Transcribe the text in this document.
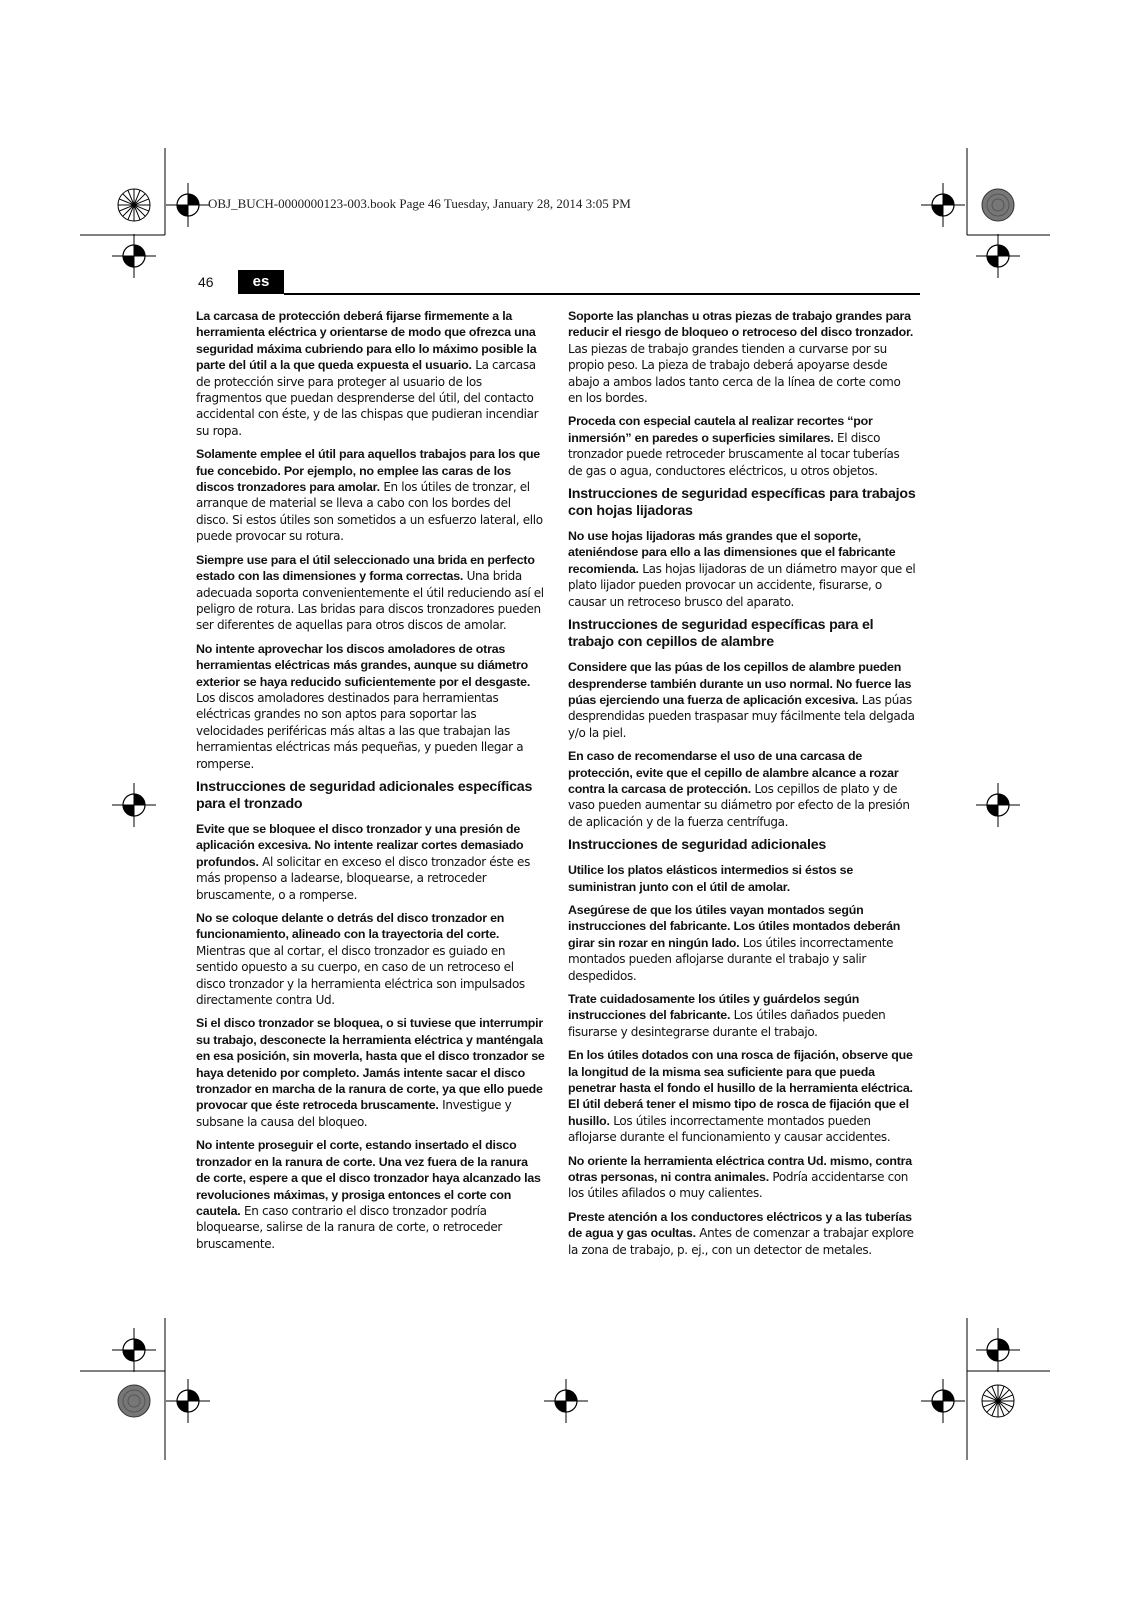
OBJ_BUCH-0000000123-003.book Page 46 Tuesday, January 28, 2014 3:05 PM
46	es

La carcasa de protección deberá fijarse firmemente a la herramienta eléctrica y orientarse de modo que ofrezca una seguridad máxima cubriendo para ello lo máximo posible la parte del útil a la que queda expuesta el usuario. La carcasa de protección sirve para proteger al usuario de los fragmentos que puedan desprenderse del útil, del contacto accidental con éste, y de las chispas que pudieran incendiar su ropa.

Solamente emplee el útil para aquellos trabajos para los que fue concebido. Por ejemplo, no emplee las caras de los discos tronzadores para amolar. En los útiles de tronzar, el arranque de material se lleva a cabo con los bordes del disco. Si estos útiles son sometidos a un esfuerzo lateral, ello puede provocar su rotura.

Siempre use para el útil seleccionado una brida en perfecto estado con las dimensiones y forma correctas. Una brida adecuada soporta convenientemente el útil reduciendo así el peligro de rotura. Las bridas para discos tronzadores pueden ser diferentes de aquellas para otros discos de amolar.

No intente aprovechar los discos amoladores de otras herramientas eléctricas más grandes, aunque su diámetro exterior se haya reducido suficientemente por el desgaste. Los discos amoladores destinados para herramientas eléctricas grandes no son aptos para soportar las velocidades periféricas más altas a las que trabajan las herramientas eléctricas más pequeñas, y pueden llegar a romperse.

Instrucciones de seguridad adicionales específicas para el tronzado

Evite que se bloquee el disco tronzador y una presión de aplicación excesiva. No intente realizar cortes demasiado profundos. Al solicitar en exceso el disco tronzador éste es más propenso a ladearse, bloquearse, a retroceder bruscamente, o a romperse.

No se coloque delante o detrás del disco tronzador en funcionamiento, alineado con la trayectoria del corte. Mientras que al cortar, el disco tronzador es guiado en sentido opuesto a su cuerpo, en caso de un retroceso el disco tronzador y la herramienta eléctrica son impulsados directamente contra Ud.

Si el disco tronzador se bloquea, o si tuviese que interrumpir su trabajo, desconecte la herramienta eléctrica y manténgala en esa posición, sin moverla, hasta que el disco tronzador se haya detenido por completo. Jamás intente sacar el disco tronzador en marcha de la ranura de corte, ya que ello puede provocar que éste retroceda bruscamente. Investigue y subsane la causa del bloqueo.

No intente proseguir el corte, estando insertado el disco tronzador en la ranura de corte. Una vez fuera de la ranura de corte, espere a que el disco tronzador haya alcanzado las revoluciones máximas, y prosiga entonces el corte con cautela. En caso contrario el disco tronzador podría bloquearse, salirse de la ranura de corte, o retroceder bruscamente.

Soporte las planchas u otras piezas de trabajo grandes para reducir el riesgo de bloqueo o retroceso del disco tronzador. Las piezas de trabajo grandes tienden a curvarse por su propio peso. La pieza de trabajo deberá apoyarse desde abajo a ambos lados tanto cerca de la línea de corte como en los bordes.

Proceda con especial cautela al realizar recortes “por inmersión” en paredes o superficies similares. El disco tronzador puede retroceder bruscamente al tocar tuberías de gas o agua, conductores eléctricos, u otros objetos.

Instrucciones de seguridad específicas para trabajos con hojas lijadoras

No use hojas lijadoras más grandes que el soporte, ateniéndose para ello a las dimensiones que el fabricante recomienda. Las hojas lijadoras de un diámetro mayor que el plato lijador pueden provocar un accidente, fisurarse, o causar un retroceso brusco del aparato.

Instrucciones de seguridad específicas para el trabajo con cepillos de alambre

Considere que las púas de los cepillos de alambre pueden desprenderse también durante un uso normal. No fuerce las púas ejerciendo una fuerza de aplicación excesiva. Las púas desprendidas pueden traspasar muy fácilmente tela delgada y/o la piel.

En caso de recomendarse el uso de una carcasa de protección, evite que el cepillo de alambre alcance a rozar contra la carcasa de protección. Los cepillos de plato y de vaso pueden aumentar su diámetro por efecto de la presión de aplicación y de la fuerza centrífuga.

Instrucciones de seguridad adicionales

Utilice los platos elásticos intermedios si éstos se suministran junto con el útil de amolar.

Asegúrese de que los útiles vayan montados según instrucciones del fabricante. Los útiles montados deberán girar sin rozar en ningún lado. Los útiles incorrectamente montados pueden aflojarse durante el trabajo y salir despedidos.

Trate cuidadosamente los útiles y guárdelos según instrucciones del fabricante. Los útiles dañados pueden fisurarse y desintegrarse durante el trabajo.

En los útiles dotados con una rosca de fijación, observe que la longitud de la misma sea suficiente para que pueda penetrar hasta el fondo el husillo de la herramienta eléctrica. El útil deberá tener el mismo tipo de rosca de fijación que el husillo. Los útiles incorrectamente montados pueden aflojarse durante el funcionamiento y causar accidentes.

No oriente la herramienta eléctrica contra Ud. mismo, contra otras personas, ni contra animales. Podría accidentarse con los útiles afilados o muy calientes.

Preste atención a los conductores eléctricos y a las tuberías de agua y gas ocultas. Antes de comenzar a trabajar explore la zona de trabajo, p. ej., con un detector de metales.
